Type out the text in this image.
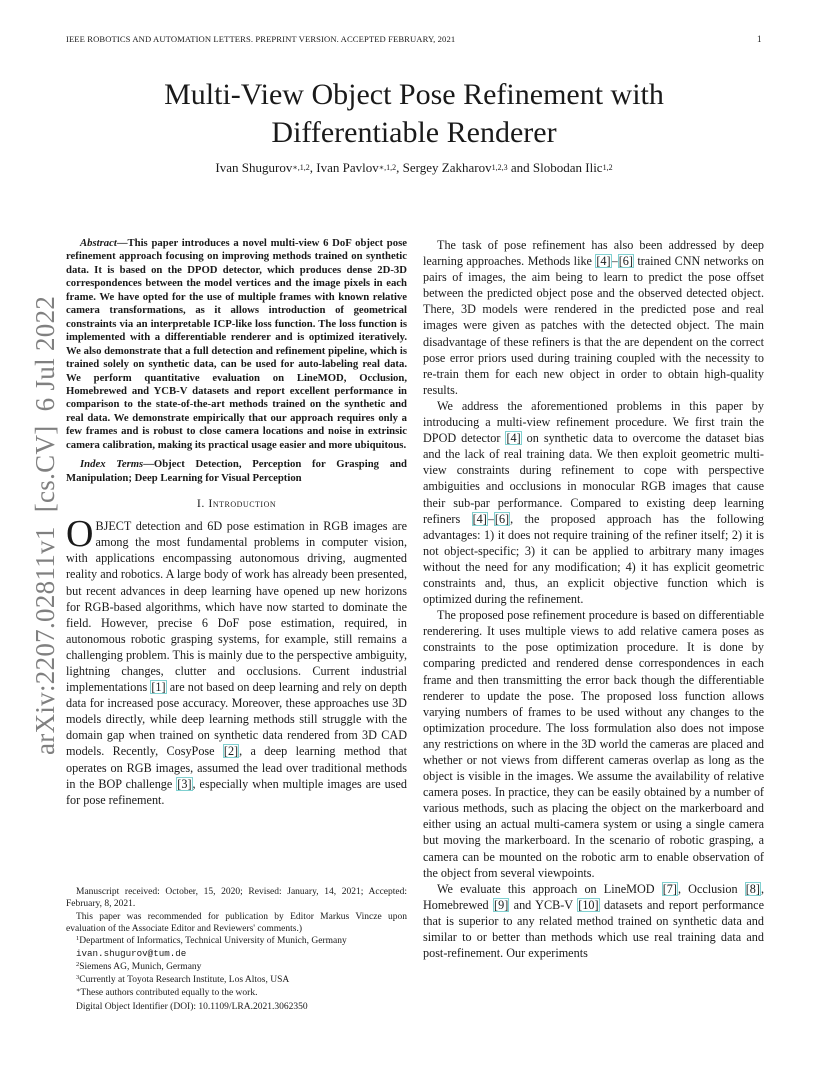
IEEE ROBOTICS AND AUTOMATION LETTERS. PREPRINT VERSION. ACCEPTED FEBRUARY, 2021	1
arXiv:2207.02811v1  [cs.CV]  6 Jul 2022
Multi-View Object Pose Refinement with
Differentiable Renderer
Ivan Shugurov$^{∗,1,2}$, Ivan Pavlov$^{∗,1,2}$, Sergey Zakharov$^{1,2,3}$ and Slobodan Ilic$^{1,2}$

Abstract—This paper introduces a novel multi-view 6 DoF object pose refinement approach focusing on improving methods trained on synthetic data. It is based on the DPOD detector, which produces dense 2D-3D correspondences between the model vertices and the image pixels in each frame. We have opted for the use of multiple frames with known relative camera transformations, as it allows introduction of geometrical constraints via an interpretable ICP-like loss function. The loss function is implemented with a differentiable renderer and is optimized iteratively. We also demonstrate that a full detection and refinement pipeline, which is trained solely on synthetic data, can be used for auto-labeling real data. We perform quantitative evaluation on LineMOD, Occlusion, Homebrewed and YCB-V datasets and report excellent performance in comparison to the state-of-the-art methods trained on the synthetic and real data. We demonstrate empirically that our approach requires only a few frames and is robust to close camera locations and noise in extrinsic camera calibration, making its practical usage easier and more ubiquitous.

Index Terms—Object Detection, Perception for Grasping and Manipulation; Deep Learning for Visual Perception

I. Introduction

OBJECT detection and 6D pose estimation in RGB images are among the most fundamental problems in computer vision, with applications encompassing autonomous driving, augmented reality and robotics. A large body of work has already been presented, but recent advances in deep learning have opened up new horizons for RGB-based algorithms, which have now started to dominate the field. However, precise 6 DoF pose estimation, required, in autonomous robotic grasping systems, for example, still remains a challenging problem. This is mainly due to the perspective ambiguity, lightning changes, clutter and occlusions. Current industrial implementations [1] are not based on deep learning and rely on depth data for increased pose accuracy. Moreover, these approaches use 3D models directly, while deep learning methods still struggle with the domain gap when trained on synthetic data rendered from 3D CAD models. Recently, CosyPose [2], a deep learning method that operates on RGB images, assumed the lead over traditional methods in the BOP challenge [3], especially when multiple images are used for pose refinement.

Manuscript received: October, 15, 2020; Revised: January, 14, 2021; Accepted: February, 8, 2021.

This paper was recommended for publication by Editor Markus Vincze upon evaluation of the Associate Editor and Reviewers' comments.)

$^1$Department of Informatics, Technical University of Munich, Germany

ivan.shugurov@tum.de

$^2$Siemens AG, Munich, Germany

$^3$Currently at Toyota Research Institute, Los Altos, USA

∗These authors contributed equally to the work.

Digital Object Identifier (DOI): 10.1109/LRA.2021.3062350

The task of pose refinement has also been addressed by deep learning approaches. Methods like [4]–[6] trained CNN networks on pairs of images, the aim being to learn to predict the pose offset between the predicted object pose and the observed detected object. There, 3D models were rendered in the predicted pose and real images were given as patches with the detected object. The main disadvantage of these refiners is that the are dependent on the correct pose error priors used during training coupled with the necessity to re-train them for each new object in order to obtain high-quality results.

We address the aforementioned problems in this paper by introducing a multi-view refinement procedure. We first train the DPOD detector [4] on synthetic data to overcome the dataset bias and the lack of real training data. We then exploit geometric multi-view constraints during refinement to cope with perspective ambiguities and occlusions in monocular RGB images that cause their sub-par performance. Compared to existing deep learning refiners [4]–[6], the proposed approach has the following advantages: 1) it does not require training of the refiner itself; 2) it is not object-specific; 3) it can be applied to arbitrary many images without the need for any modification; 4) it has explicit geometric constraints and, thus, an explicit objective function which is optimized during the refinement.

The proposed pose refinement procedure is based on differentiable renderering. It uses multiple views to add relative camera poses as constraints to the pose optimization procedure. It is done by comparing predicted and rendered dense correspondences in each frame and then transmitting the error back though the differentiable renderer to update the pose. The proposed loss function allows varying numbers of frames to be used without any changes to the optimization procedure. The loss formulation also does not impose any restrictions on where in the 3D world the cameras are placed and whether or not views from different cameras overlap as long as the object is visible in the images. We assume the availability of relative camera poses. In practice, they can be easily obtained by a number of various methods, such as placing the object on the markerboard and either using an actual multi-camera system or using a single camera but moving the markerboard. In the scenario of robotic grasping, a camera can be mounted on the robotic arm to enable observation of the object from several viewpoints.

We evaluate this approach on LineMOD [7], Occlusion [8], Homebrewed [9] and YCB-V [10] datasets and report performance that is superior to any related method trained on synthetic data and similar to or better than methods which use real training data and post-refinement. Our experiments
